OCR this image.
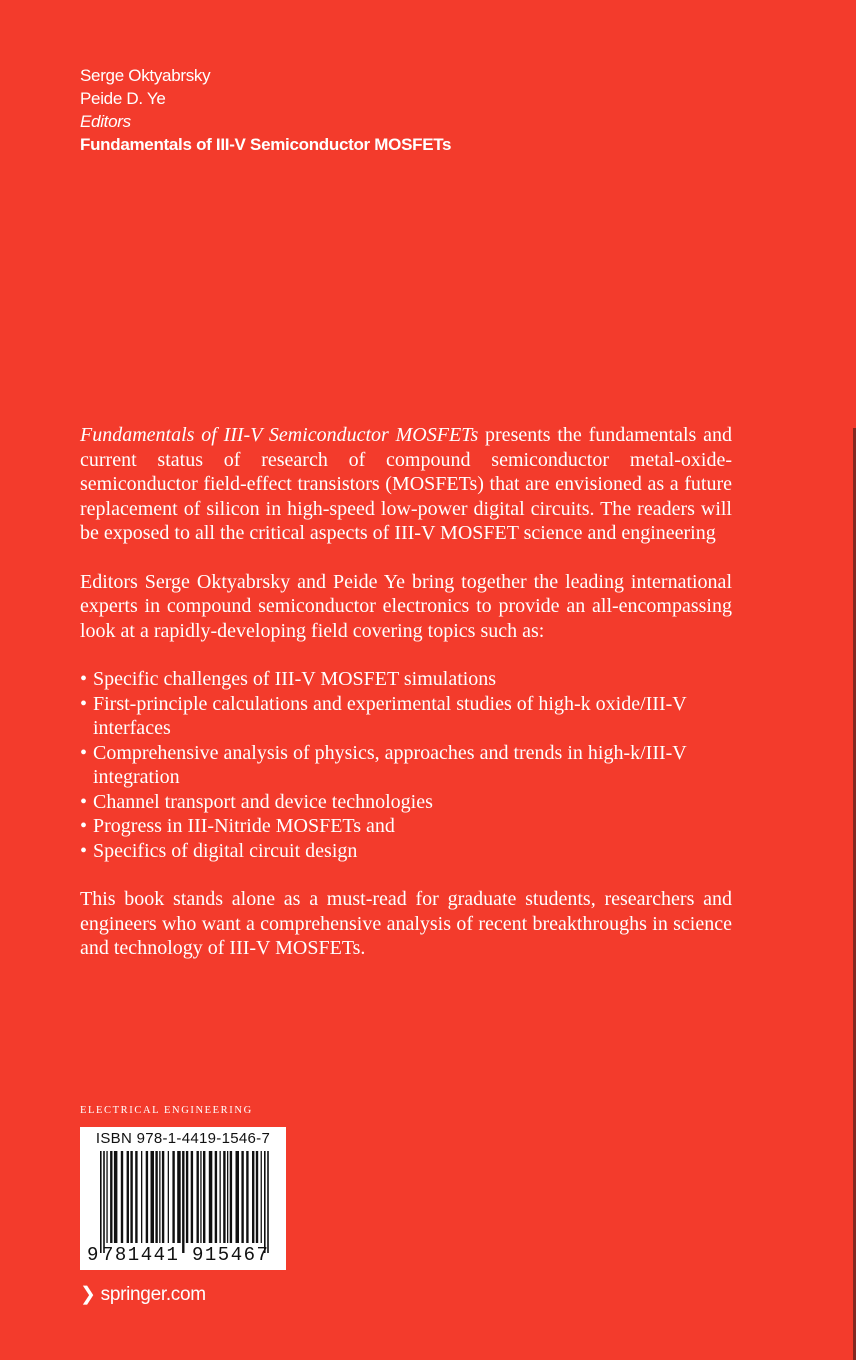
Serge Oktyabrsky
Peide D. Ye
Editors
Fundamentals of III-V Semiconductor MOSFETs

Fundamentals of III-V Semiconductor MOSFETs presents the fundamentals and current status of research of compound semiconductor metal-oxide-semiconductor field-effect transistors (MOSFETs) that are envisioned as a future replacement of silicon in high-speed low-power digital circuits. The readers will be exposed to all the critical aspects of III-V MOSFET science and engineering

Editors Serge Oktyabrsky and Peide Ye bring together the leading international experts in compound semiconductor electronics to provide an all-encompassing look at a rapidly-developing field covering topics such as:

• Specific challenges of III-V MOSFET simulations
• First-principle calculations and experimental studies of high-k oxide/III-V interfaces
• Comprehensive analysis of physics, approaches and trends in high-k/III-V integration
• Channel transport and device technologies
• Progress in III-Nitride MOSFETs and
• Specifics of digital circuit design

This book stands alone as a must-read for graduate students, researchers and engineers who want a comprehensive analysis of recent breakthroughs in science and technology of III-V MOSFETs.

ELECTRICAL ENGINEERING
ISBN 978-1-4419-1546-7
9 781441 915467
❯ springer.com
